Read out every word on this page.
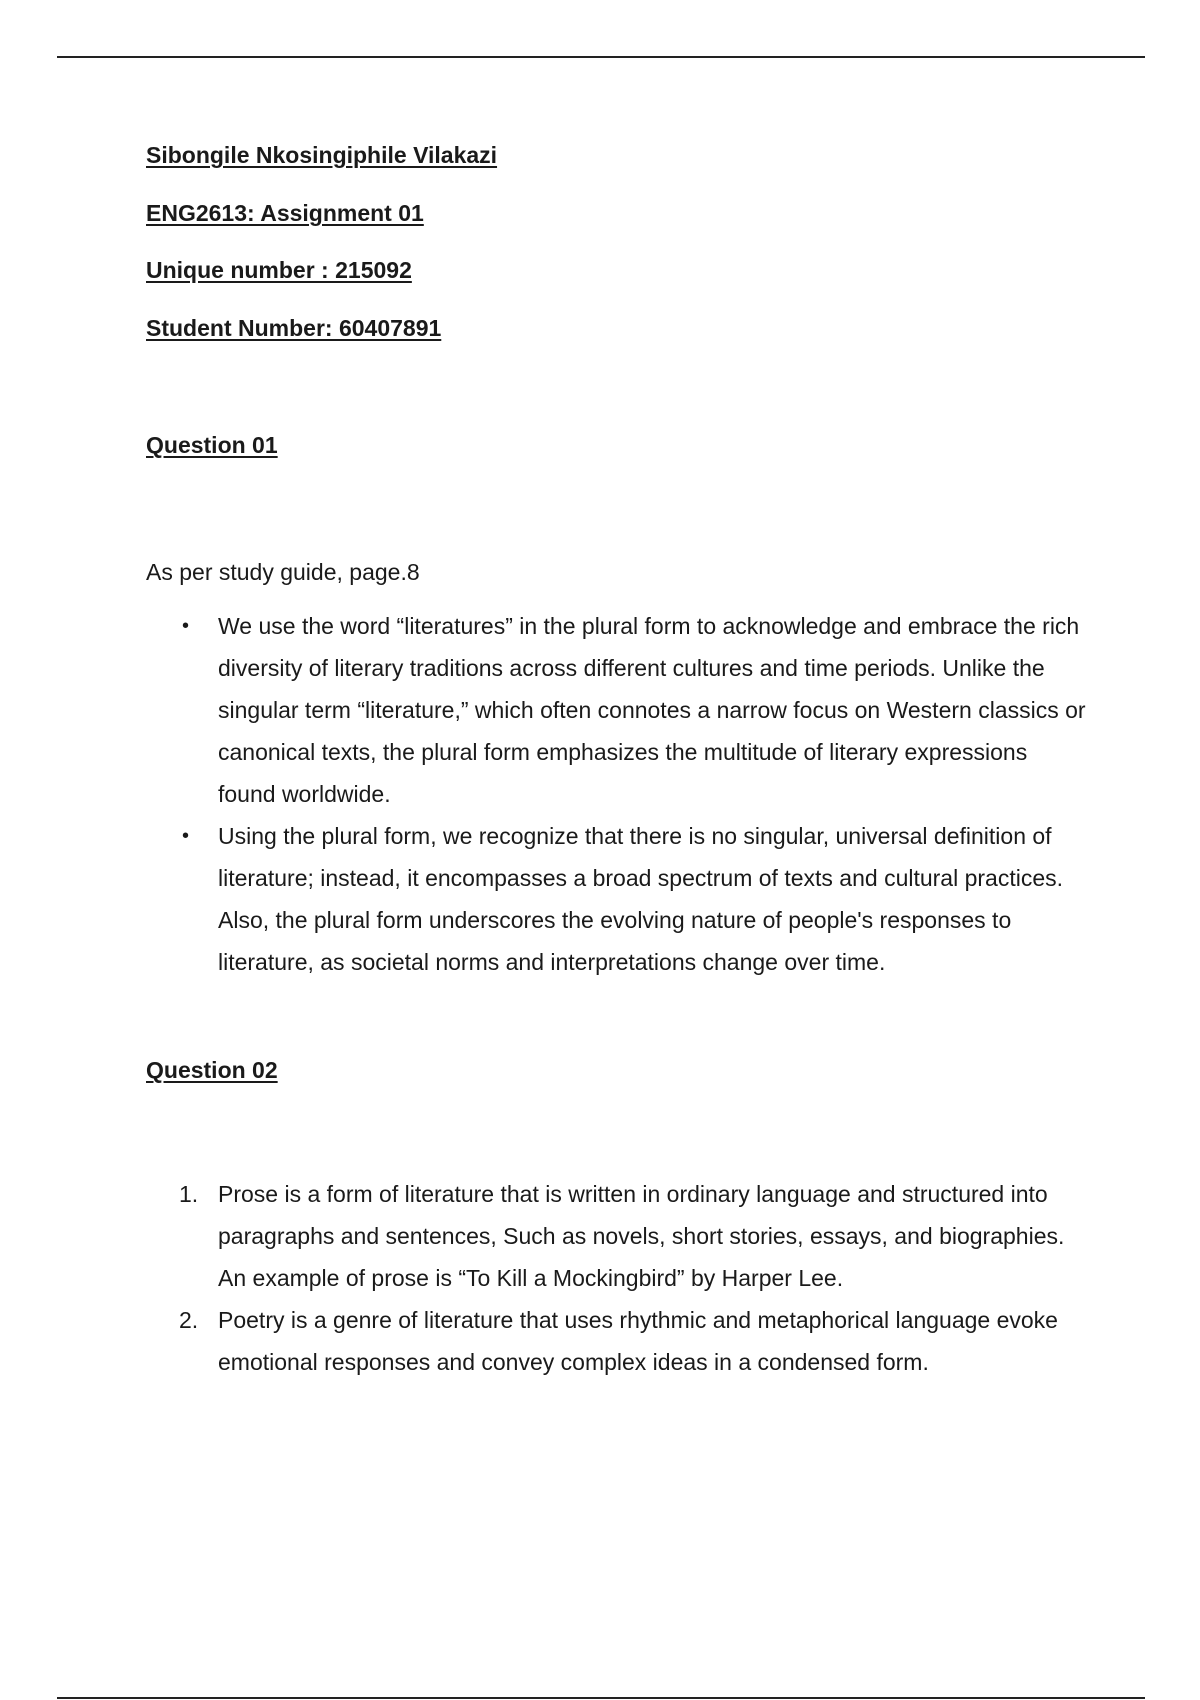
Sibongile Nkosingiphile Vilakazi

ENG2613: Assignment 01

Unique number : 215092

Student Number: 60407891

Question 01

As per study guide, page.8

• We use the word “literatures” in the plural form to acknowledge and embrace the rich diversity of literary traditions across different cultures and time periods. Unlike the singular term “literature,” which often connotes a narrow focus on Western classics or canonical texts, the plural form emphasizes the multitude of literary expressions found worldwide.
• Using the plural form, we recognize that there is no singular, universal definition of literature; instead, it encompasses a broad spectrum of texts and cultural practices. Also, the plural form underscores the evolving nature of people's responses to literature, as societal norms and interpretations change over time.

Question 02

1. Prose is a form of literature that is written in ordinary language and structured into paragraphs and sentences, Such as novels, short stories, essays, and biographies.
An example of prose is “To Kill a Mockingbird” by Harper Lee.
2. Poetry is a genre of literature that uses rhythmic and metaphorical language evoke emotional responses and convey complex ideas in a condensed form.
